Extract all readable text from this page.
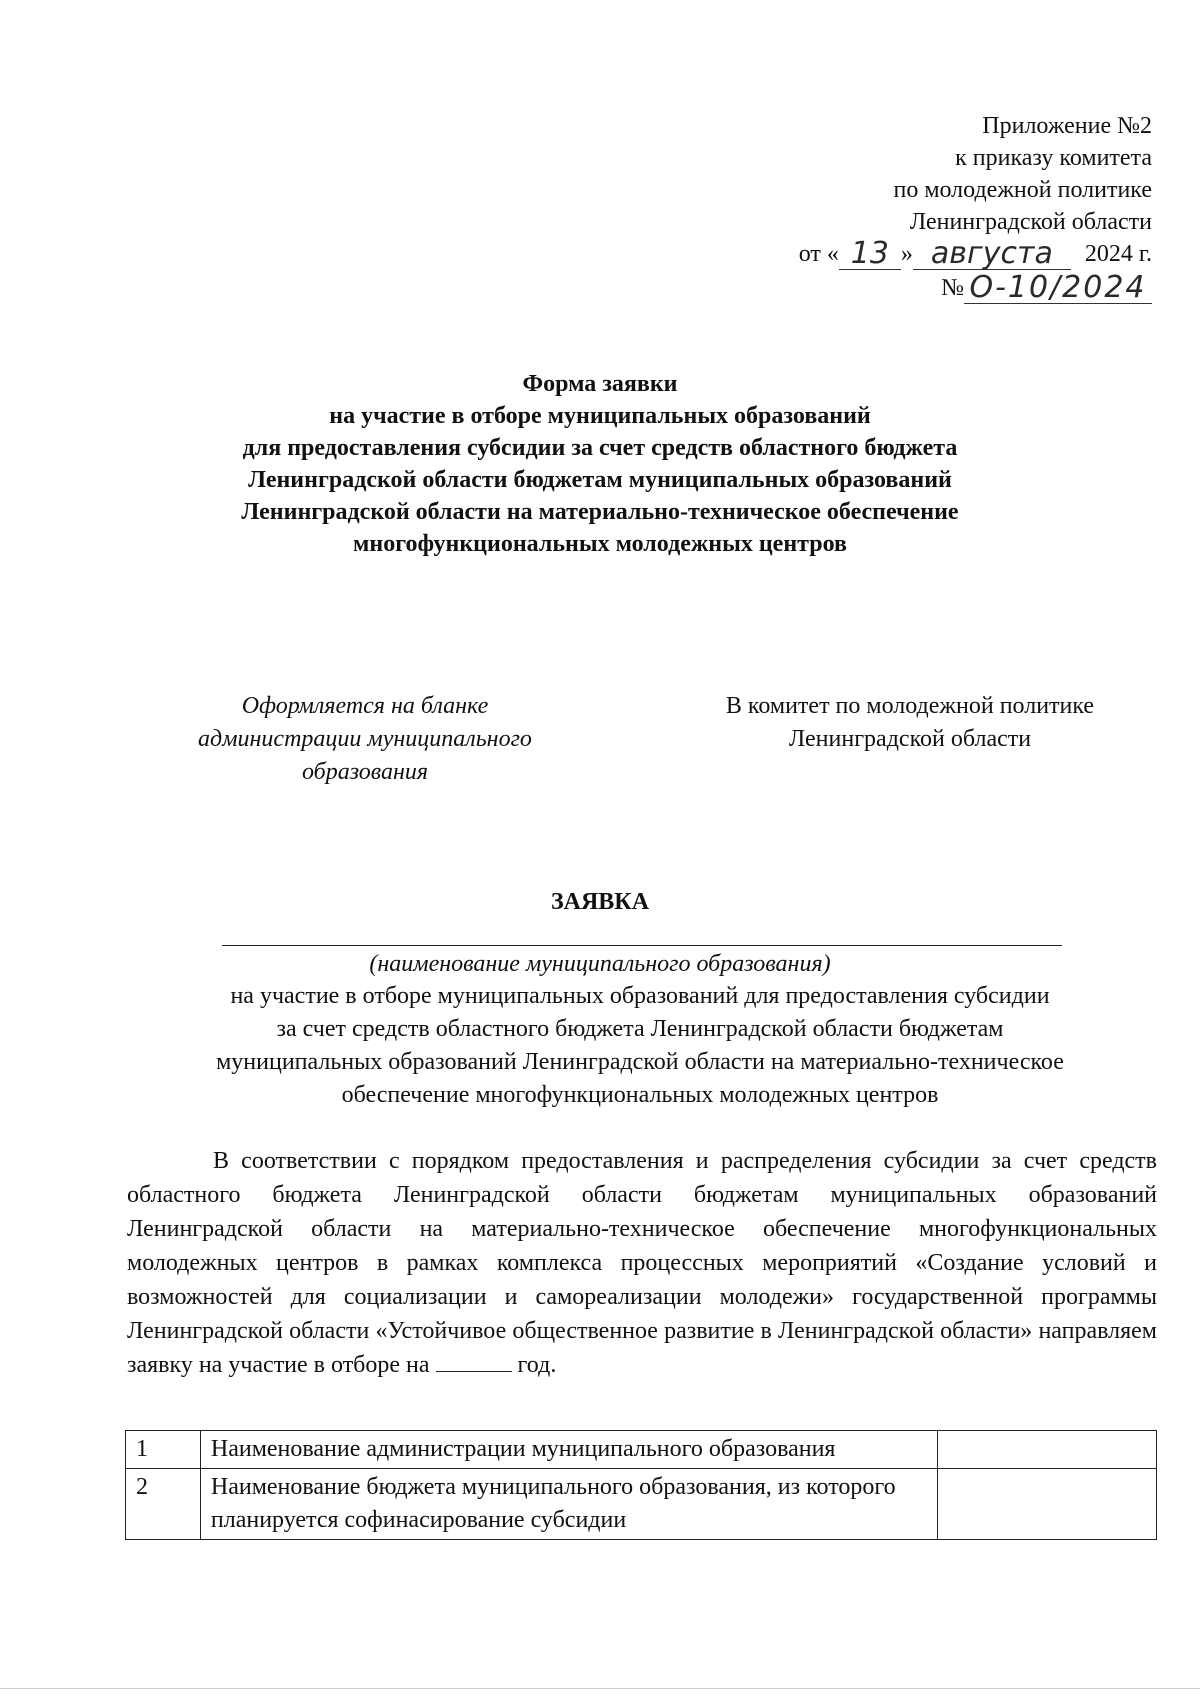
Приложение №2
к приказу комитета
по молодежной политике
Ленинградской области
от « 13 » августа	2024 г.
№ О-10/2024
Форма заявки
на участие в отборе муниципальных образований
для предоставления субсидии за счет средств областного бюджета
Ленинградской области бюджетам муниципальных образований
Ленинградской области на материально-техническое обеспечение
многофункциональных молодежных центров
Оформляется на бланке
администрации муниципального
образования
В комитет по молодежной политике
Ленинградской области
ЗАЯВКА
(наименование муниципального образования)
на участие в отборе муниципальных образований для предоставления субсидии
за счет средств областного бюджета Ленинградской области бюджетам
муниципальных образований Ленинградской области на материально-техническое
обеспечение многофункциональных молодежных центров
В соответствии с порядком предоставления и распределения субсидии за счет средств областного бюджета Ленинградской области бюджетам муниципальных образований Ленинградской области на материально-техническое обеспечение многофункциональных молодежных центров в рамках комплекса процессных мероприятий «Создание условий и возможностей для социализации и самореализации молодежи» государственной программы Ленинградской области «Устойчивое общественное развитие в Ленинградской области» направляем заявку на участие в отборе на	год.
1	Наименование администрации муниципального образования	
2	Наименование бюджета муниципального образования, из которого планируется софинасирование субсидии	
